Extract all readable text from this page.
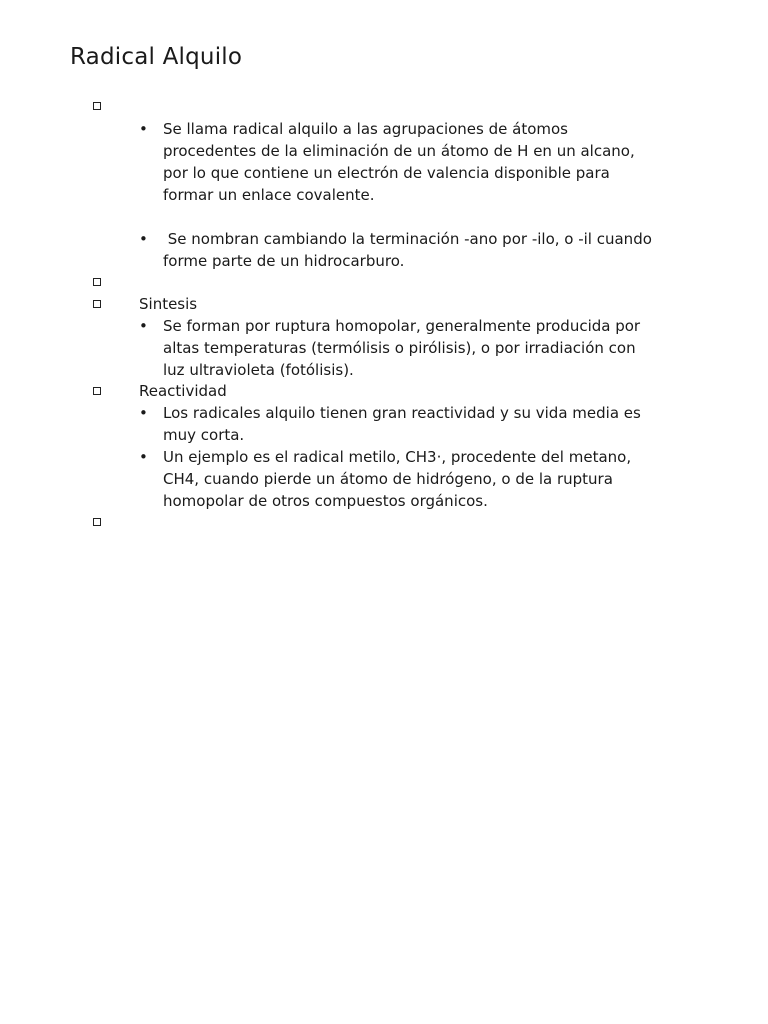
Radical Alquilo
•	Se llama radical alquilo a las agrupaciones de átomos
procedentes de la eliminación de un átomo de H en un alcano,
por lo que contiene un electrón de valencia disponible para
formar un enlace covalente.
•	Se nombran cambiando la terminación -ano por -ilo, o -il cuando
forme parte de un hidrocarburo.
Sintesis
•	Se forman por ruptura homopolar, generalmente producida por
altas temperaturas (termólisis o pirólisis), o por irradiación con
luz ultravioleta (fotólisis).
Reactividad
•	Los radicales alquilo tienen gran reactividad y su vida media es
muy corta.
•	Un ejemplo es el radical metilo, CH3·, procedente del metano,
CH4, cuando pierde un átomo de hidrógeno, o de la ruptura
homopolar de otros compuestos orgánicos.
